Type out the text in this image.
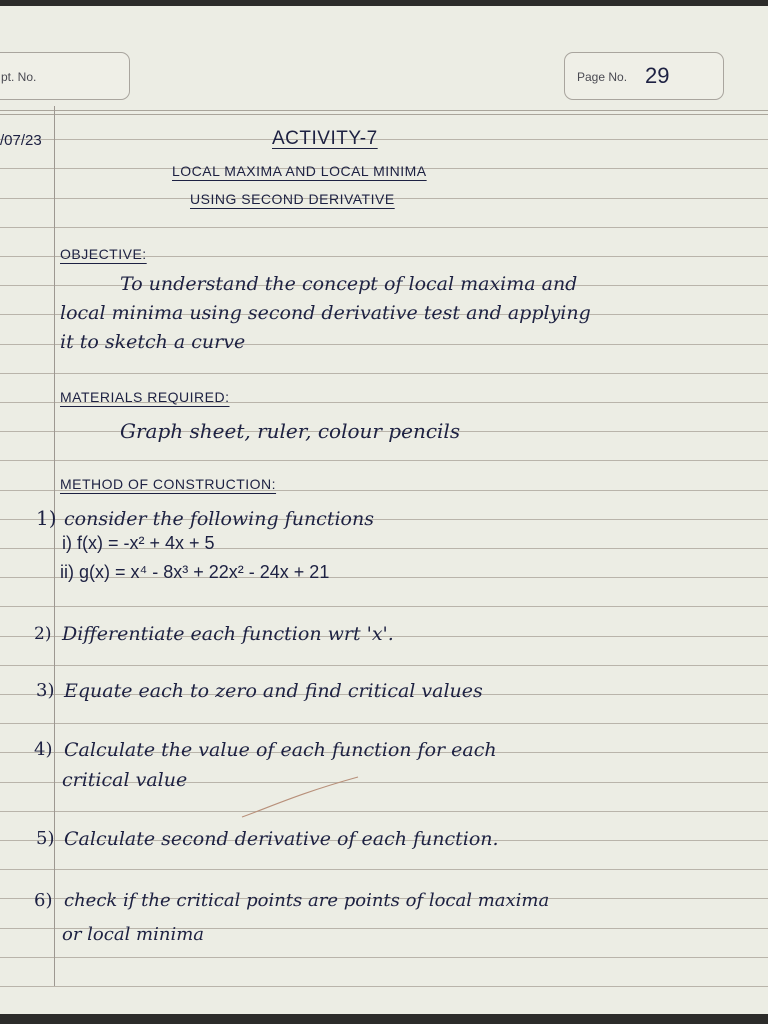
pt. No.	Page No. 29
/07/23	ACTIVITY-7
LOCAL MAXIMA AND LOCAL MINIMA
USING SECOND DERIVATIVE
OBJECTIVE:
To understand the concept of local maxima and
local minima using second derivative test and applying
it to sketch a curve
MATERIALS REQUIRED:
Graph sheet, ruler, colour pencils
METHOD OF CONSTRUCTION:
1) consider the following functions
i) f(x) = -x² + 4x + 5
ii) g(x) = x⁴ - 8x³ + 22x² - 24x + 21
2) Differentiate each function wrt 'x'.
3) Equate each to zero and find critical values
4) Calculate the value of each function for each
critical value
5) Calculate second derivative of each function.
6) check if the critical points are points of local maxima
or local minima
